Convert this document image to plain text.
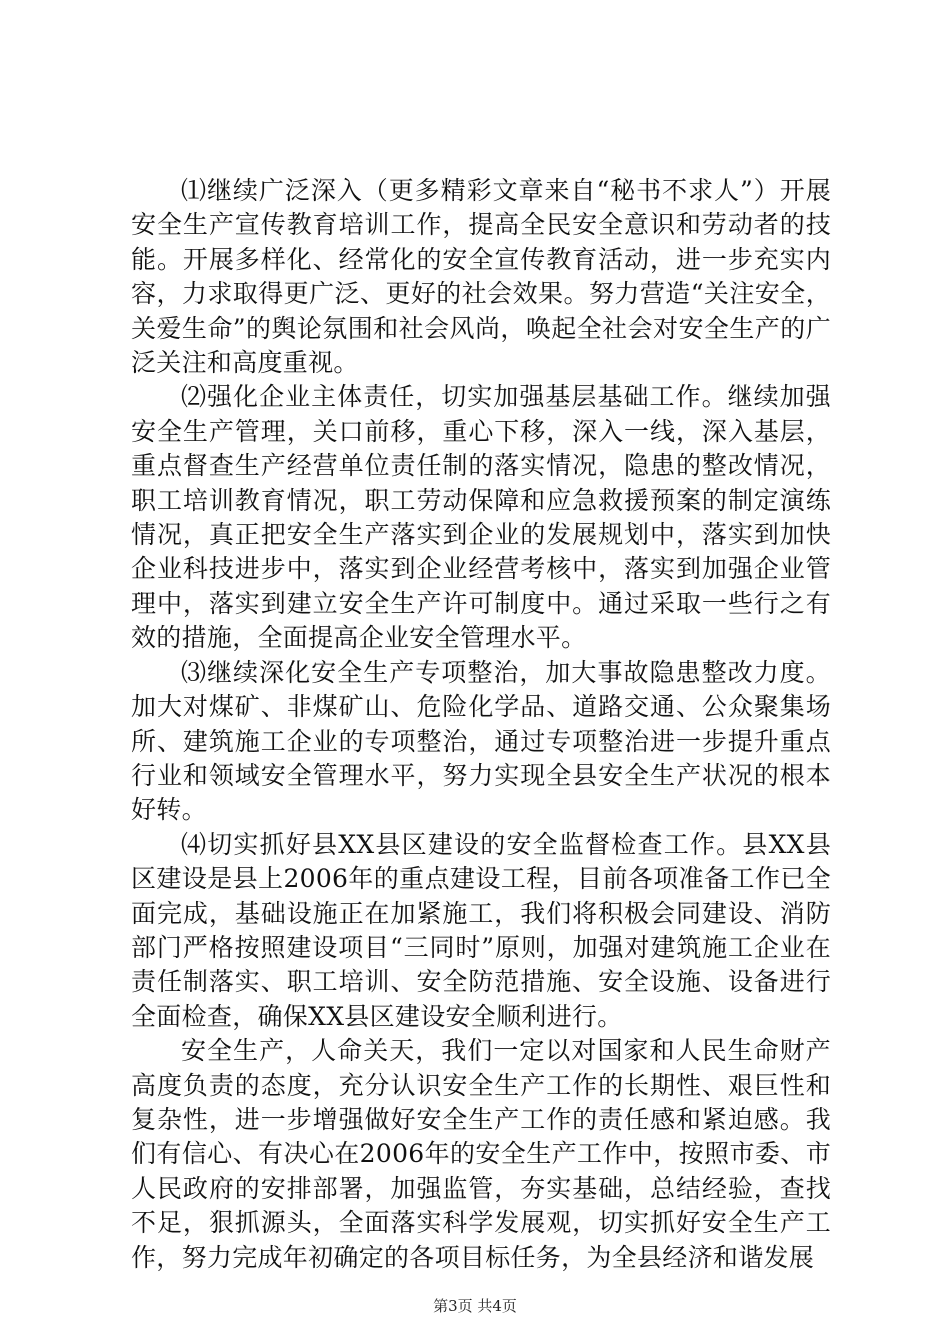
⑴继续广泛深入（更多精彩文章来自“秘书不求人”）开展安全生产宣传教育培训工作，提高全民安全意识和劳动者的技能。开展多样化、经常化的安全宣传教育活动，进一步充实内容，力求取得更广泛、更好的社会效果。努力营造“关注安全，关爱生命”的舆论氛围和社会风尚，唤起全社会对安全生产的广泛关注和高度重视。

⑵强化企业主体责任，切实加强基层基础工作。继续加强安全生产管理，关口前移，重心下移，深入一线，深入基层，重点督查生产经营单位责任制的落实情况，隐患的整改情况，职工培训教育情况，职工劳动保障和应急救援预案的制定演练情况，真正把安全生产落实到企业的发展规划中，落实到加快企业科技进步中，落实到企业经营考核中，落实到加强企业管理中，落实到建立安全生产许可制度中。通过采取一些行之有效的措施，全面提高企业安全管理水平。

⑶继续深化安全生产专项整治，加大事故隐患整改力度。加大对煤矿、非煤矿山、危险化学品、道路交通、公众聚集场所、建筑施工企业的专项整治，通过专项整治进一步提升重点行业和领域安全管理水平，努力实现全县安全生产状况的根本好转。

⑷切实抓好县XX县区建设的安全监督检查工作。县XX县区建设是县上2006年的重点建设工程，目前各项准备工作已全面完成，基础设施正在加紧施工，我们将积极会同建设、消防部门严格按照建设项目“三同时”原则，加强对建筑施工企业在责任制落实、职工培训、安全防范措施、安全设施、设备进行全面检查，确保XX县区建设安全顺利进行。

安全生产，人命关天，我们一定以对国家和人民生命财产高度负责的态度，充分认识安全生产工作的长期性、艰巨性和复杂性，进一步增强做好安全生产工作的责任感和紧迫感。我们有信心、有决心在2006年的安全生产工作中，按照市委、市人民政府的安排部署，加强监管，夯实基础，总结经验，查找不足，狠抓源头，全面落实科学发展观，切实抓好安全生产工作，努力完成年初确定的各项目标任务，为全县经济和谐发展

第3页 共4页
